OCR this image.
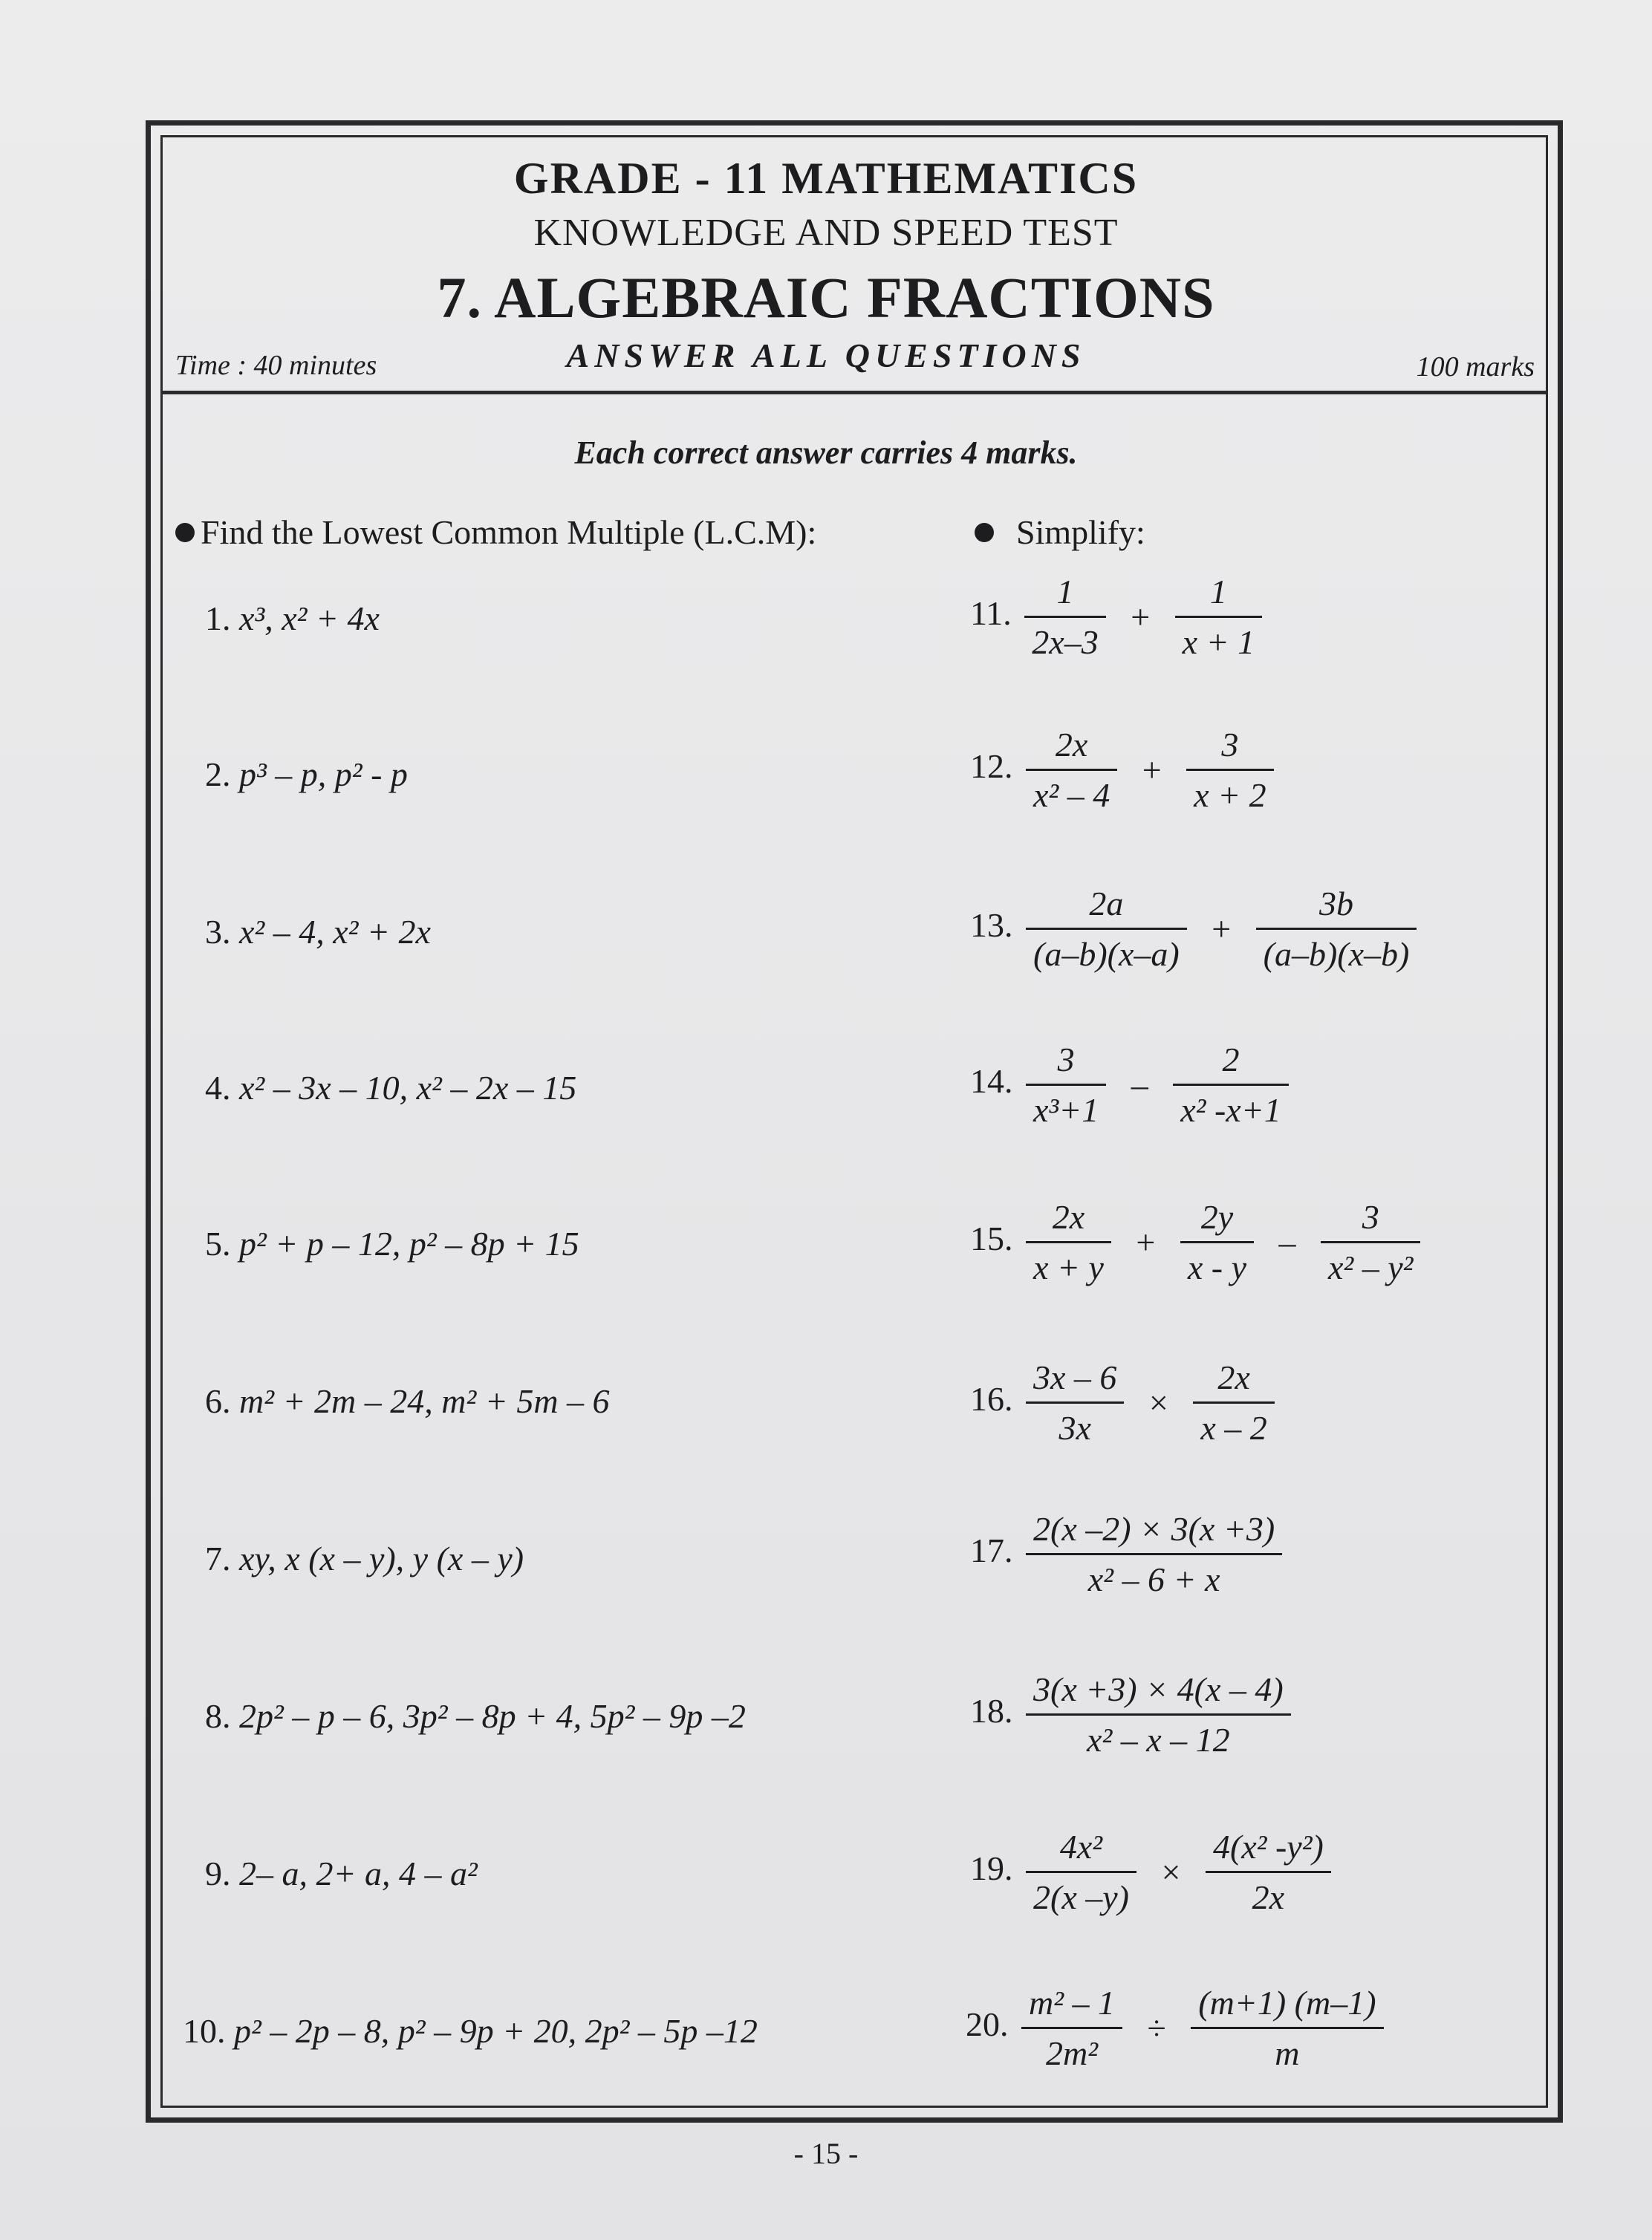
GRADE - 11 MATHEMATICS
KNOWLEDGE AND SPEED TEST
7. ALGEBRAIC FRACTIONS
ANSWER ALL QUESTIONS
Time : 40 minutes	100 marks
Each correct answer carries 4 marks.
Find the Lowest Common Multiple (L.C.M):	Simplify:
1. x³, x² + 4x
2. p³ – p, p² - p
3. x² – 4, x² + 2x
4. x² – 3x – 10, x² – 2x – 15
5. p² + p – 12, p² – 8p + 15
6. m² + 2m – 24, m² + 5m – 6
7. xy, x (x – y), y (x – y)
8. 2p² – p – 6, 3p² – 8p + 4, 5p² – 9p –2
9. 2– a, 2+ a, 4 – a²
10. p² – 2p – 8, p² – 9p + 20, 2p² – 5p –12
11. $\frac{1}{2x-3} + \frac{1}{x + 1}$
12. $\frac{2x}{\text{x² – 4}} + \frac{3}{x + 2}$
13. $\frac{2a}{(a-b)(x-a)} + \frac{3b}{(a-b)(x-b)}$
14. $\frac{3}{\text{x³+1}} - \frac{2}{\text{x² -x+1}}$
15. $\frac{2x}{x + y} + \frac{2y}{x - y} - \frac{3}{\text{x² – y²}}$
16. $\frac{3x - 6}{3x} \times \frac{2x}{x - 2}$
17. $\frac{2(x -2) \times 3(x +3)}{\text{x² – 6 + x}}$
18. $\frac{3(x +3) \times 4(x - 4)}{\text{x² – x – 12}}$
19. $\frac{\text{4x²}}{2(x -y)} \times \frac{\text{4(x² -y²)}}{2x}$
20. $\frac{\text{m² – 1}}{\text{2m²}} \div \frac{(m+1) (m-1)}{m}$
- 15 -
